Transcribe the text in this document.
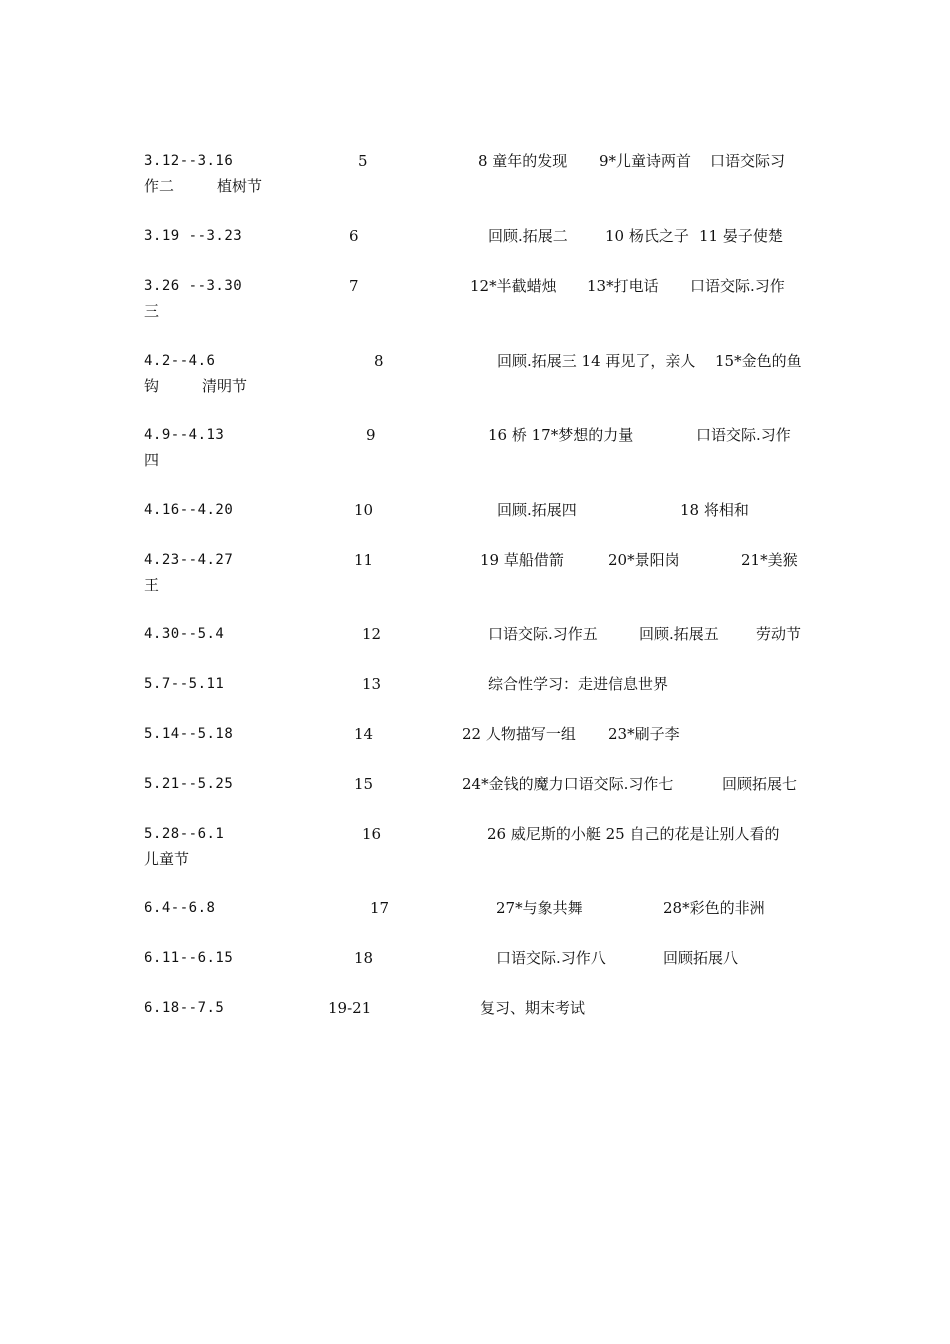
3.12--3.16	5	8 童年的发现 9*儿童诗两首 口语交际习
作二	植树节
3.19 --3.23	6	回顾.拓展二 10 杨氏之子 11 晏子使楚
3.26 --3.30	7	12*半截蜡烛 13*打电话 口语交际.习作
三
4.2--4.6	8	回顾.拓展三 14 再见了，亲人 15*金色的鱼
钩	清明节
4.9--4.13	9	16 桥 17*梦想的力量	口语交际.习作
四
4.16--4.20	10	回顾.拓展四	18 将相和
4.23--4.27	11	19 草船借箭	20*景阳岗	21*美猴
王
4.30--5.4	12	口语交际.习作五	回顾.拓展五 劳动节
5.7--5.11	13	综合性学习：走进信息世界
5.14--5.18	14	22 人物描写一组 23*刷子李
5.21--5.25	15	24*金钱的魔力口语交际.习作七	回顾拓展七
5.28--6.1	16	26 威尼斯的小艇 25 自己的花是让别人看的
儿童节
6.4--6.8	17	27*与象共舞	28*彩色的非洲
6.11--6.15	18	口语交际.习作八	回顾拓展八
6.18--7.5	19-21	复习、期末考试
